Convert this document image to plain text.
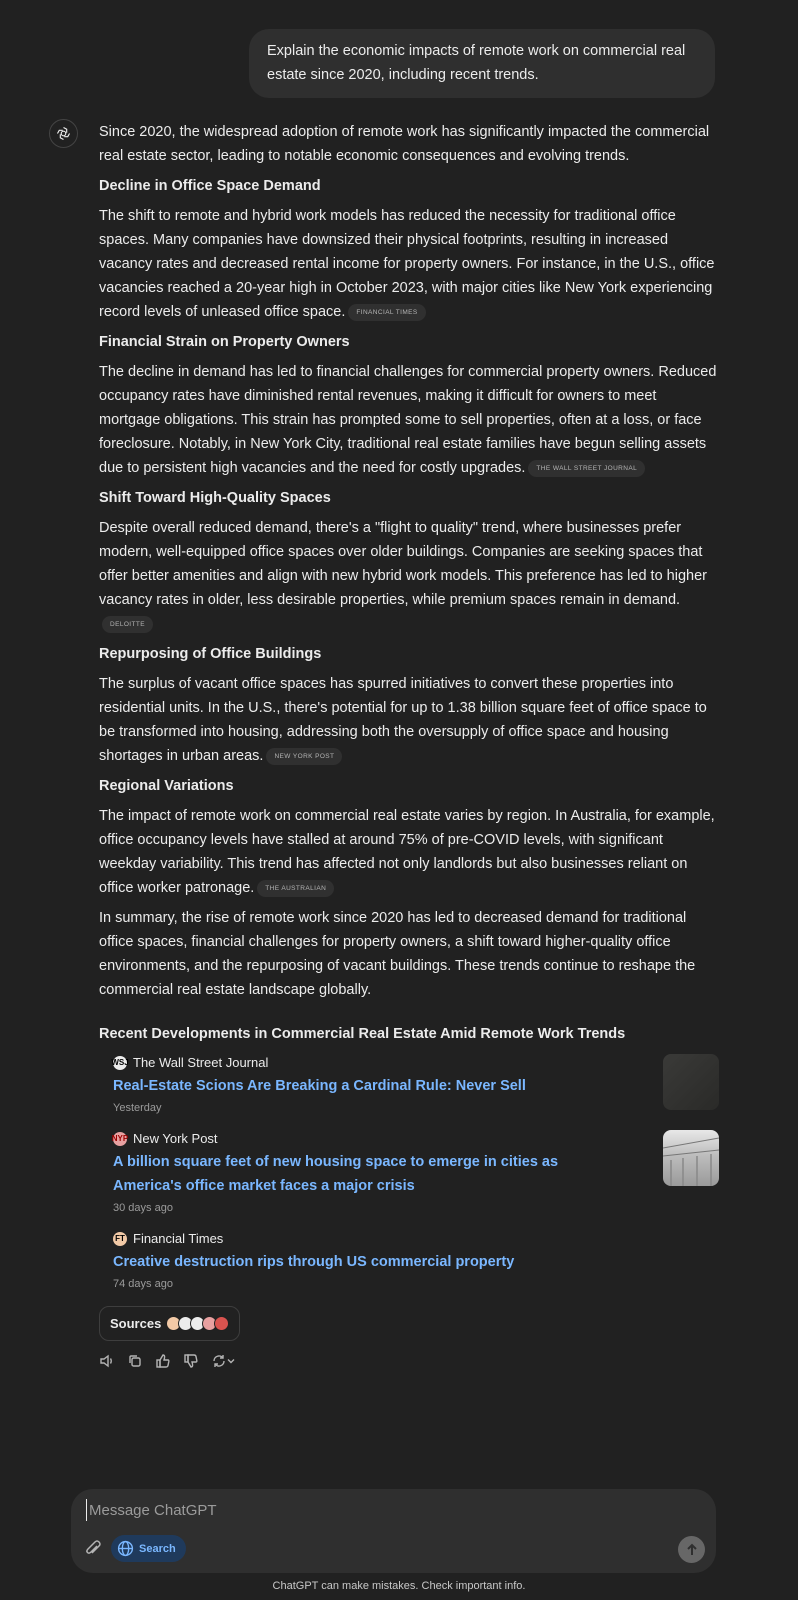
Explain the economic impacts of remote work on commercial real estate since 2020, including recent trends.

Since 2020, the widespread adoption of remote work has significantly impacted the commercial real estate sector, leading to notable economic consequences and evolving trends.

Decline in Office Space Demand

The shift to remote and hybrid work models has reduced the necessity for traditional office spaces. Many companies have downsized their physical footprints, resulting in increased vacancy rates and decreased rental income for property owners. For instance, in the U.S., office vacancies reached a 20-year high in October 2023, with major cities like New York experiencing record levels of unleased office space. FINANCIAL TIMES

Financial Strain on Property Owners

The decline in demand has led to financial challenges for commercial property owners. Reduced occupancy rates have diminished rental revenues, making it difficult for owners to meet mortgage obligations. This strain has prompted some to sell properties, often at a loss, or face foreclosure. Notably, in New York City, traditional real estate families have begun selling assets due to persistent high vacancies and the need for costly upgrades. THE WALL STREET JOURNAL

Shift Toward High-Quality Spaces

Despite overall reduced demand, there's a "flight to quality" trend, where businesses prefer modern, well-equipped office spaces over older buildings. Companies are seeking spaces that offer better amenities and align with new hybrid work models. This preference has led to higher vacancy rates in older, less desirable properties, while premium spaces remain in demand.DELOITTE

Repurposing of Office Buildings

The surplus of vacant office spaces has spurred initiatives to convert these properties into residential units. In the U.S., there's potential for up to 1.38 billion square feet of office space to be transformed into housing, addressing both the oversupply of office space and housing shortages in urban areas. NEW YORK POST

Regional Variations

The impact of remote work on commercial real estate varies by region. In Australia, for example, office occupancy levels have stalled at around 75% of pre-COVID levels, with significant weekday variability. This trend has affected not only landlords but also businesses reliant on office worker patronage. THE AUSTRALIAN

In summary, the rise of remote work since 2020 has led to decreased demand for traditional office spaces, financial challenges for property owners, a shift toward higher-quality office environments, and the repurposing of vacant buildings. These trends continue to reshape the commercial real estate landscape globally.

Recent Developments in Commercial Real Estate Amid Remote Work Trends
WSJ The Wall Street Journal
Real-Estate Scions Are Breaking a Cardinal Rule: Never Sell
Yesterday
NYP New York Post
A billion square feet of new housing space to emerge in cities as America's office market faces a major crisis
30 days ago
FT Financial Times
Creative destruction rips through US commercial property
74 days ago
Sources
Message ChatGPT
Search
ChatGPT can make mistakes. Check important info.
